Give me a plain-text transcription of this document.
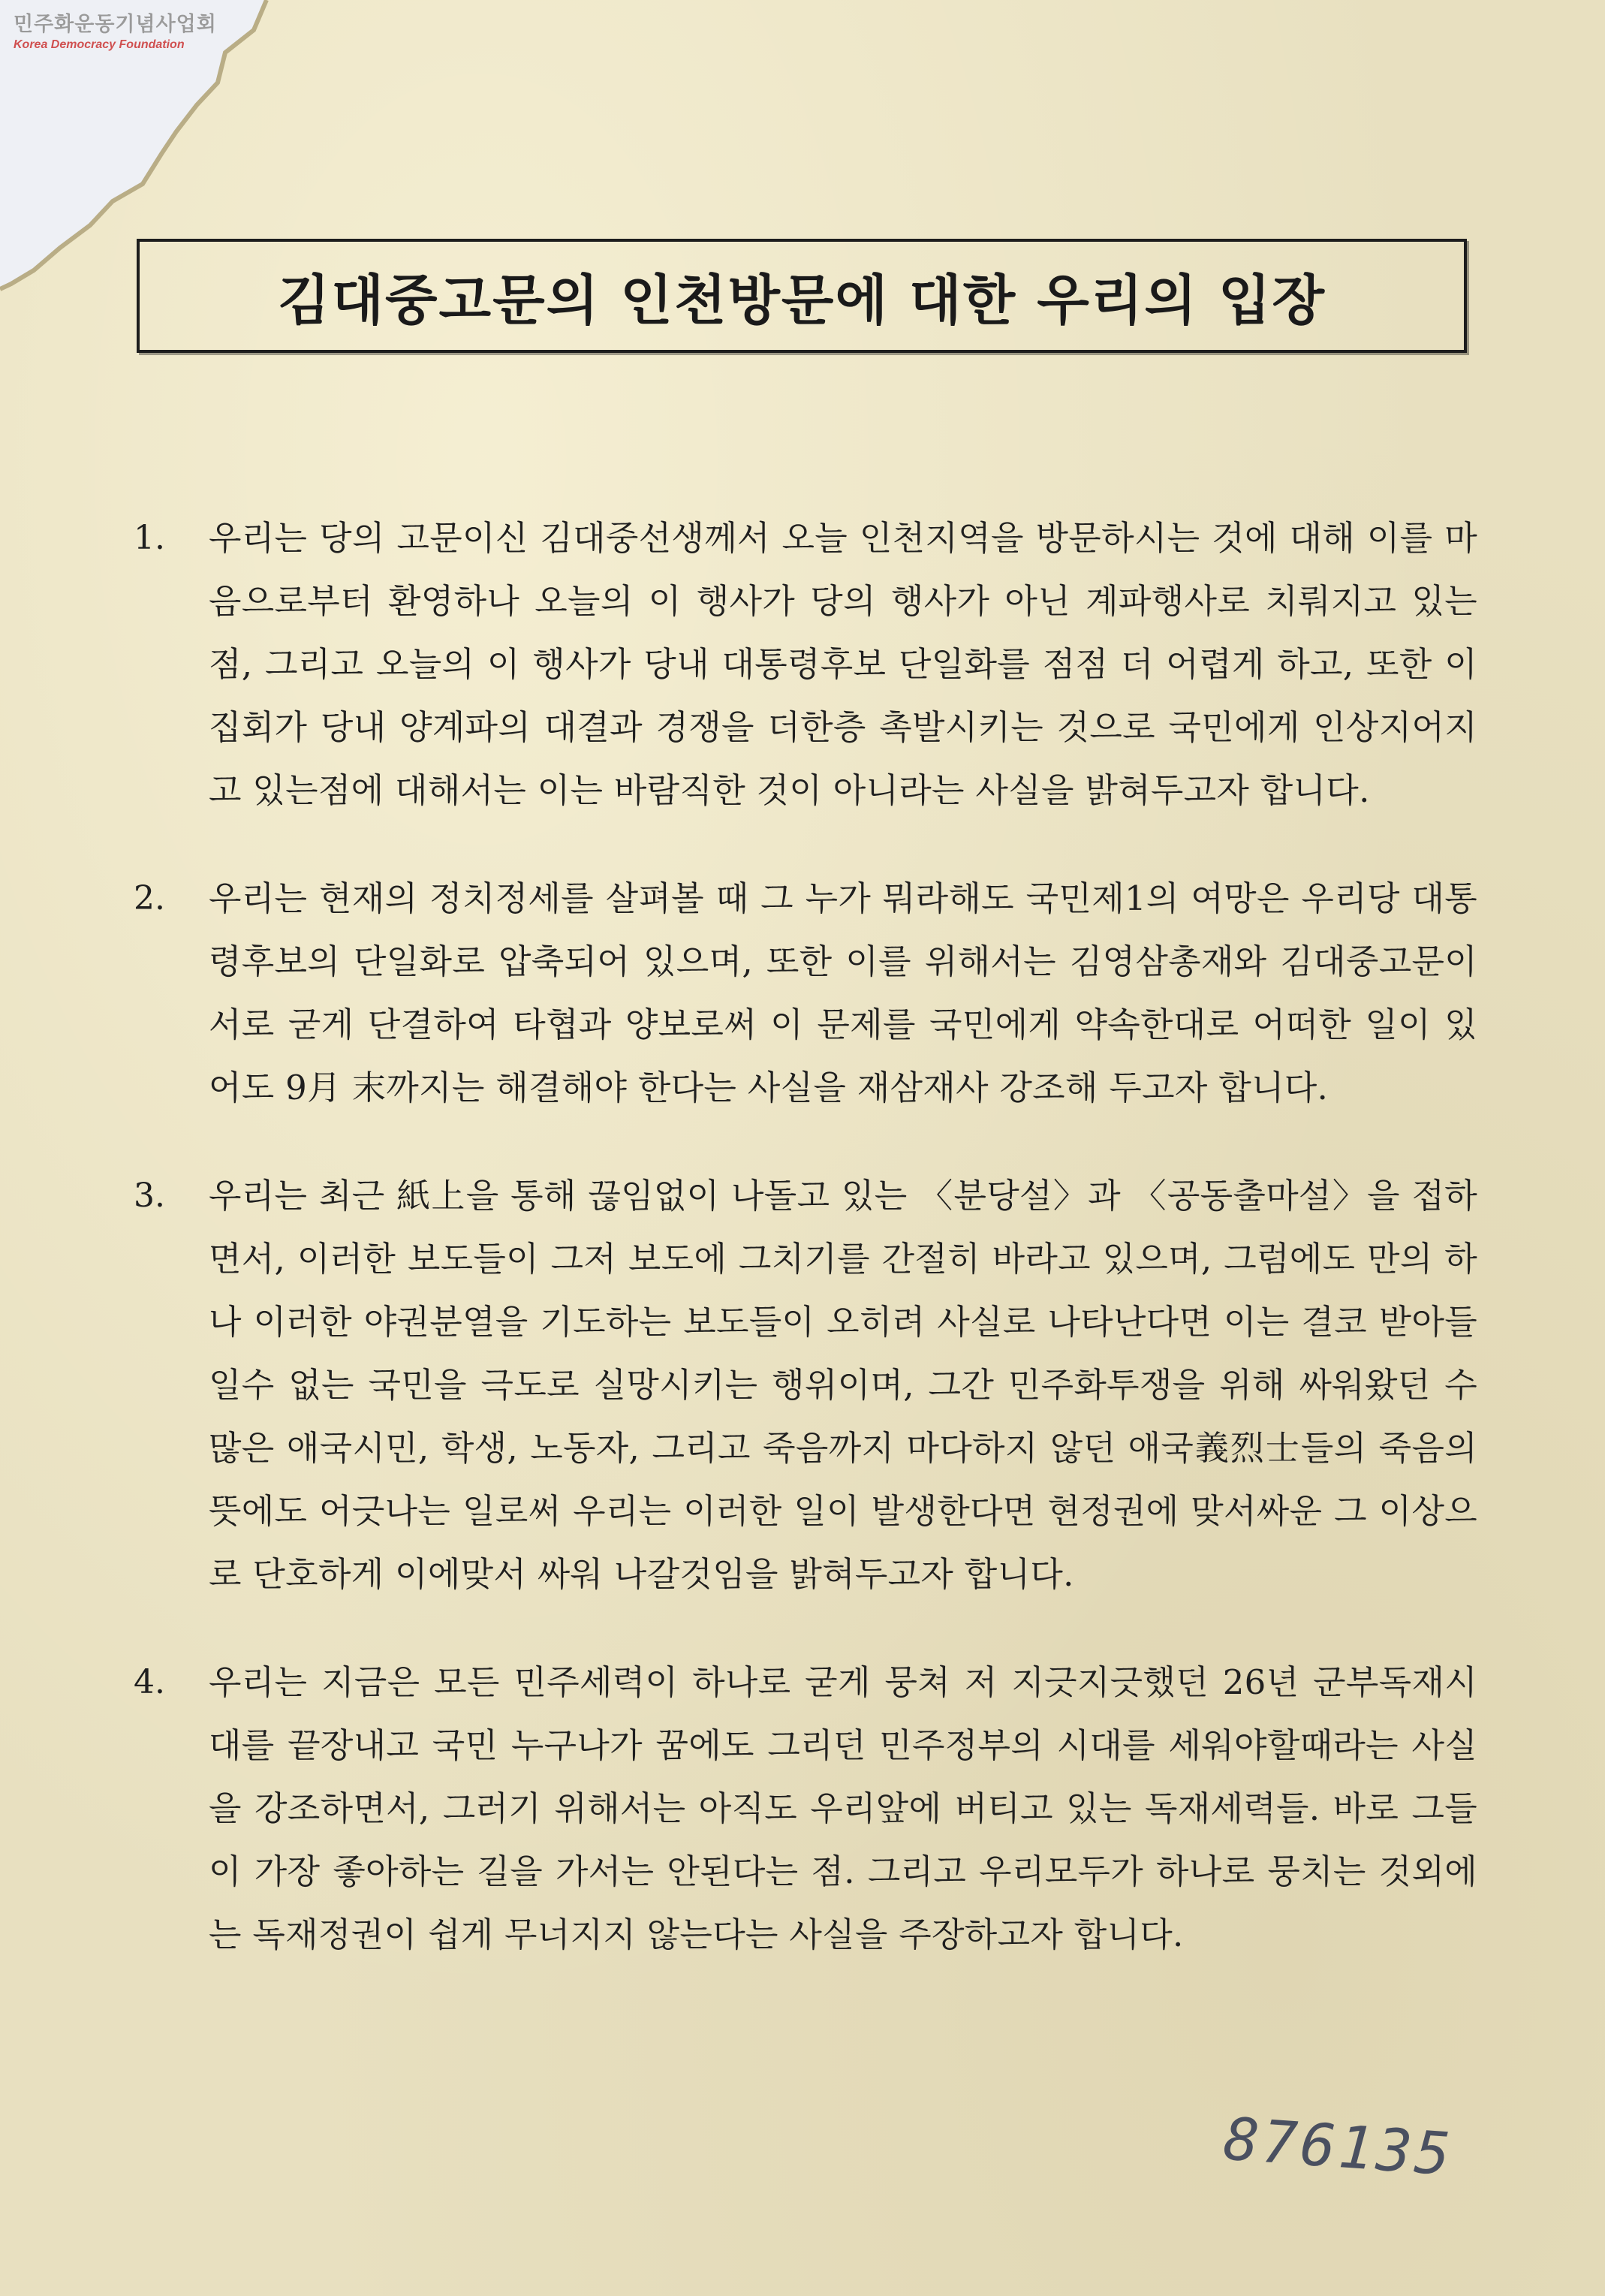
민주화운동기념사업회
Korea Democracy Foundation
김대중고문의 인천방문에 대한 우리의 입장
1.	우리는 당의 고문이신 김대중선생께서 오늘 인천지역을 방문하시는 것에 대해 이를 마음으로부터 환영하나 오늘의 이 행사가 당의 행사가 아닌 계파행사로 치뤄지고 있는점, 그리고 오늘의 이 행사가 당내 대통령후보 단일화를 점점 더 어렵게 하고, 또한 이 집회가 당내 양계파의 대결과 경쟁을 더한층 촉발시키는 것으로 국민에게 인상지어지고 있는점에 대해서는 이는 바람직한 것이 아니라는 사실을 밝혀두고자 합니다.
2.	우리는 현재의 정치정세를 살펴볼 때 그 누가 뭐라해도 국민제1의 여망은 우리당 대통령후보의 단일화로 압축되어 있으며, 또한 이를 위해서는 김영삼총재와 김대중고문이 서로 굳게 단결하여 타협과 양보로써 이 문제를 국민에게 약속한대로 어떠한 일이 있어도 9月 末까지는 해결해야 한다는 사실을 재삼재사 강조해 두고자 합니다.
3.	우리는 최근 紙上을 통해 끊임없이 나돌고 있는 〈분당설〉과 〈공동출마설〉을 접하면서, 이러한 보도들이 그저 보도에 그치기를 간절히 바라고 있으며, 그럼에도 만의 하나 이러한 야권분열을 기도하는 보도들이 오히려 사실로 나타난다면 이는 결코 받아들일수 없는 국민을 극도로 실망시키는 행위이며, 그간 민주화투쟁을 위해 싸워왔던 수많은 애국시민, 학생, 노동자, 그리고 죽음까지 마다하지 않던 애국義烈士들의 죽음의 뜻에도 어긋나는 일로써 우리는 이러한 일이 발생한다면 현정권에 맞서싸운 그 이상으로 단호하게 이에맞서 싸워 나갈것임을 밝혀두고자 합니다.
4.	우리는 지금은 모든 민주세력이 하나로 굳게 뭉쳐 저 지긋지긋했던 26년 군부독재시대를 끝장내고 국민 누구나가 꿈에도 그리던 민주정부의 시대를 세워야할때라는 사실을 강조하면서, 그러기 위해서는 아직도 우리앞에 버티고 있는 독재세력들. 바로 그들이 가장 좋아하는 길을 가서는 안된다는 점. 그리고 우리모두가 하나로 뭉치는 것외에는 독재정권이 쉽게 무너지지 않는다는 사실을 주장하고자 합니다.
876135
